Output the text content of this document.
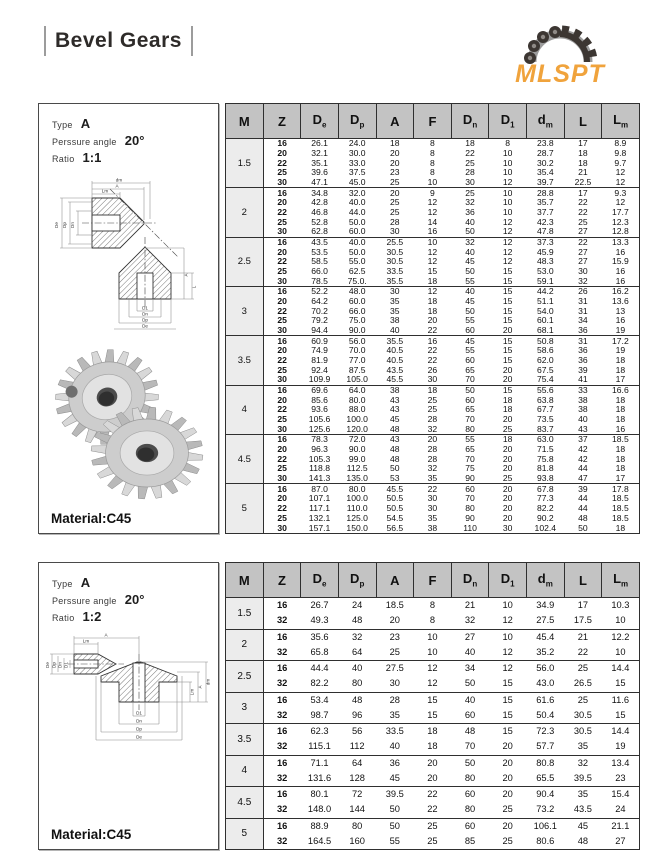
Bevel Gears
MLSPT
Type A
Perssure angle 20°
Ratio 1:1
dm
A
Lm
De Dp Dn
D1
Dn
Dp
De
A
L
Material:C45
M	Z	$D_e$	$D_p$	A	F	$D_n$	$D_1$	$d_m$	L	$L_m$
1.5	16	26.1	24.0	18	8	18	8	23.8	17	8.9
	20	32.1	30.0	20	8	22	10	28.7	18	9.8
	22	35.1	33.0	20	8	25	10	30.2	18	9.7
	25	39.6	37.5	23	8	28	10	35.4	21	12
	30	47.1	45.0	25	10	30	12	39.7	22.5	12
2	16	34.8	32.0	20	9	25	10	28.8	17	9.3
	20	42.8	40.0	25	12	32	10	35.7	22	12
	22	46.8	44.0	25	12	36	10	37.7	22	17.7
	25	52.8	50.0	28	14	40	12	42.3	25	12.3
	30	62.8	60.0	30	16	50	12	47.8	27	12.8
2.5	16	43.5	40.0	25.5	10	32	12	37.3	22	13.3
	20	53.5	50.0	30.5	12	40	12	45.9	27	16
	22	58.5	55.0	30.5	12	45	12	48.3	27	15.9
	25	66.0	62.5	33.5	15	50	15	53.0	30	16
	30	78.5	75.0.	35.5	18	55	15	59.1	32	16
3	16	52.2	48.0	30	12	40	15	44.2	26	16.2
	20	64.2	60.0	35	18	45	15	51.1	31	13.6
	22	70.2	66.0	35	18	50	15	54.0	31	13
	25	79.2	75.0	38	20	55	15	60.1	34	16
	30	94.4	90.0	40	22	60	20	68.1	36	19
3.5	16	60.9	56.0	35.5	16	45	15	50.8	31	17.2
	20	74.9	70.0	40.5	22	55	15	58.6	36	19
	22	81.9	77.0	40.5	22	60	15	62.0	36	18
	25	92.4	87.5	43.5	26	65	20	67.5	39	18
	30	109.9	105.0	45.5	30	70	20	75.4	41	17
4	16	69.6	64.0	38	18	50	15	55.6	33	16.6
	20	85.6	80.0	43	25	60	18	63.8	38	18
	22	93.6	88.0	43	25	65	18	67.7	38	18
	25	105.6	100.0	45	28	70	20	73.5	40	18
	30	125.6	120.0	48	32	80	25	83.7	43	16
4.5	16	78.3	72.0	43	20	55	18	63.0	37	18.5
	20	96.3	90.0	48	28	65	20	71.5	42	18
	22	105.3	99.0	48	28	70	20	75.8	42	18
	25	118.8	112.5	50	32	75	20	81.8	44	18
	30	141.3	135.0	53	35	90	25	93.8	47	17
5	16	87.0	80.0	45.5	22	60	20	67.8	39	17.8
	20	107.1	100.0	50.5	30	70	20	77.3	44	18.5
	22	117.1	110.0	50.5	30	80	20	82.2	44	18.5
	25	132.1	125.0	54.5	35	90	20	90.2	48	18.5
	30	157.1	150.0	56.5	38	110	30	102.4	50	18
Type A
Perssure angle 20°
Ratio 1:2
A
Lm
De Dp Dn D1
D1
Dn
Dp
De
Lm
A
dm
Material:C45
M	Z	$D_e$	$D_p$	A	F	$D_n$	$D_1$	$d_m$	L	$L_m$
1.5	16	26.7	24	18.5	8	21	10	34.9	17	10.3
	32	49.3	48	20	8	32	12	27.5	17.5	10
2	16	35.6	32	23	10	27	10	45.4	21	12.2
	32	65.8	64	25	10	40	12	35.2	22	10
2.5	16	44.4	40	27.5	12	34	12	56.0	25	14.4
	32	82.2	80	30	12	50	15	43.0	26.5	15
3	16	53.4	48	28	15	40	15	61.6	25	11.6
	32	98.7	96	35	15	60	15	50.4	30.5	15
3.5	16	62.3	56	33.5	18	48	15	72.3	30.5	14.4
	32	115.1	112	40	18	70	20	57.7	35	19
4	16	71.1	64	36	20	50	20	80.8	32	13.4
	32	131.6	128	45	20	80	20	65.5	39.5	23
4.5	16	80.1	72	39.5	22	60	20	90.4	35	15.4
	32	148.0	144	50	22	80	25	73.2	43.5	24
5	16	88.9	80	50	25	60	20	106.1	45	21.1
	32	164.5	160	55	25	85	25	80.6	48	27
